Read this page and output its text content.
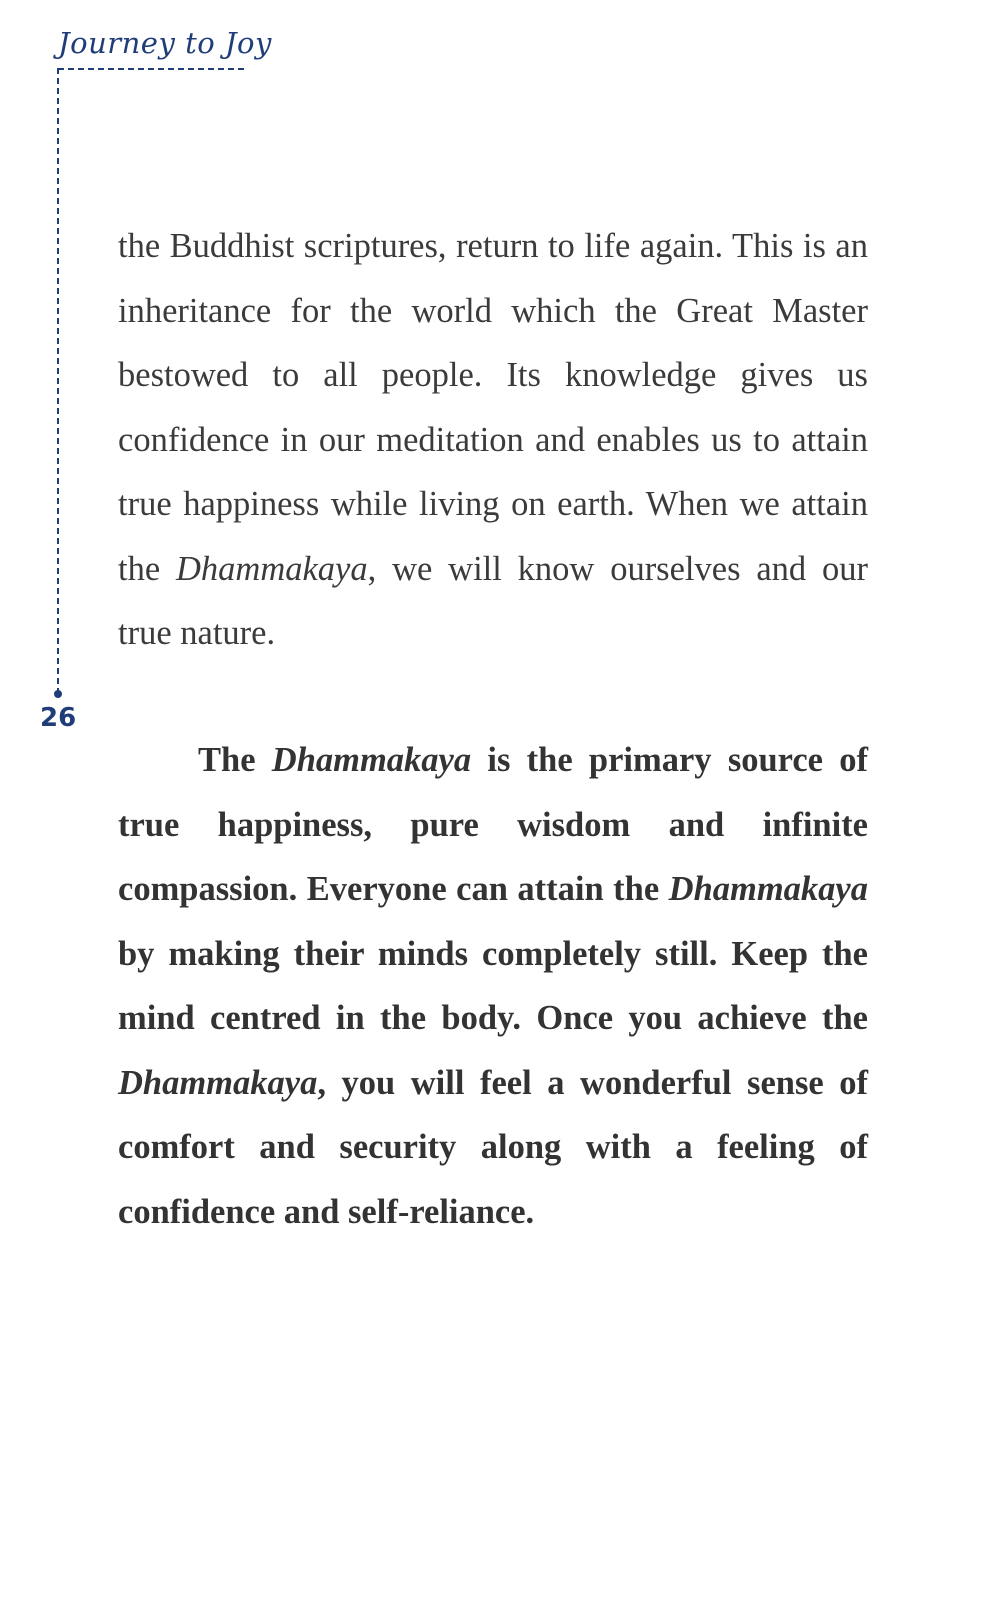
Journey to Joy
26

the Buddhist scriptures, return to life again. This is an inheritance for the world which the Great Master bestowed to all people. Its knowledge gives us confidence in our meditation and enables us to attain true happiness while living on earth. When we attain the Dhammakaya, we will know ourselves and our true nature.

The Dhammakaya is the primary source of true happiness, pure wisdom and infinite compassion. Everyone can attain the Dhammakaya by making their minds completely still. Keep the mind centred in the body. Once you achieve the Dhammakaya, you will feel a wonderful sense of comfort and security along with a feeling of confidence and self-reliance.
